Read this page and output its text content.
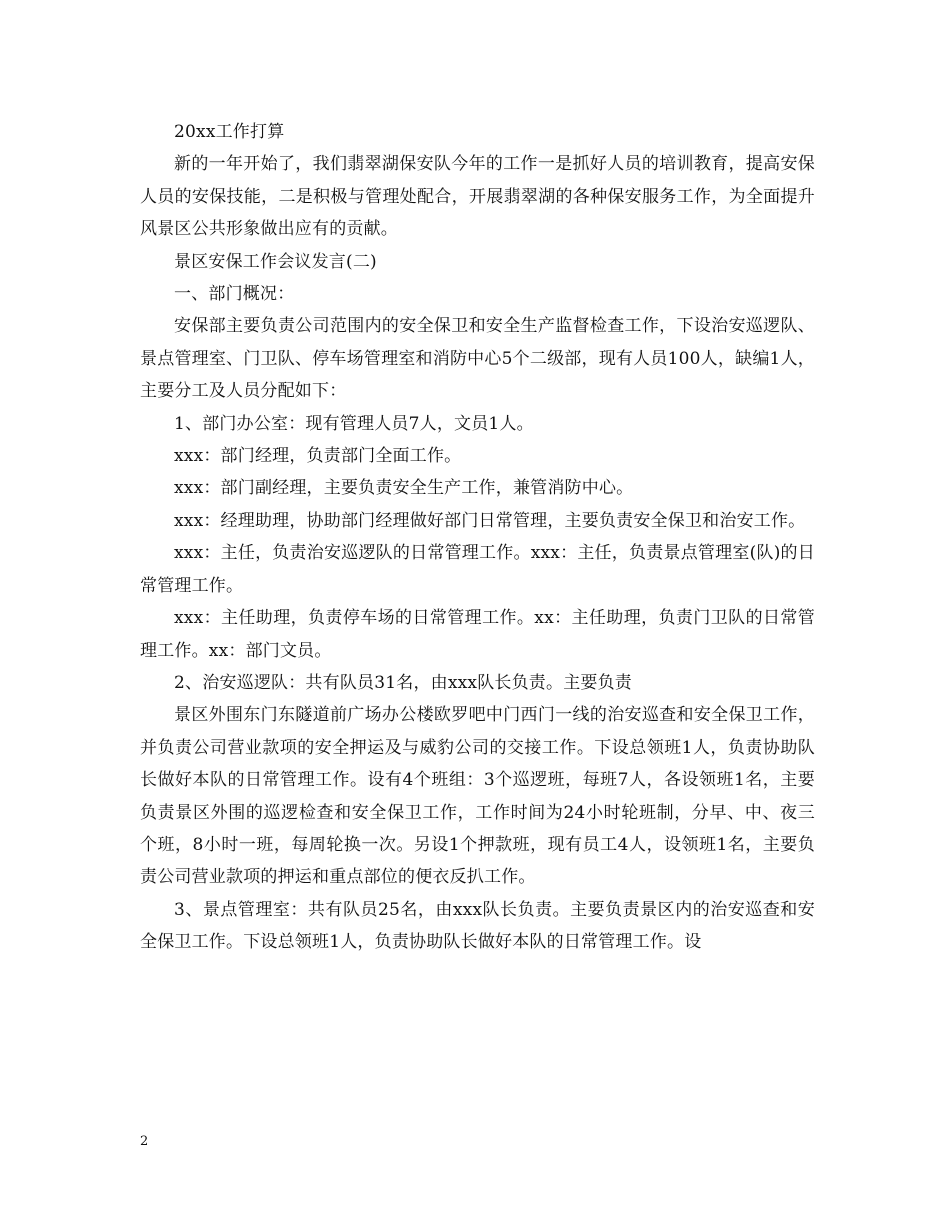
20xx工作打算

新的一年开始了，我们翡翠湖保安队今年的工作一是抓好人员的培训教育，提高安保人员的安保技能，二是积极与管理处配合，开展翡翠湖的各种保安服务工作，为全面提升风景区公共形象做出应有的贡献。

景区安保工作会议发言(二)

一、部门概况：

安保部主要负责公司范围内的安全保卫和安全生产监督检查工作，下设治安巡逻队、景点管理室、门卫队、停车场管理室和消防中心5个二级部，现有人员100人，缺编1人，主要分工及人员分配如下：

1、部门办公室：现有管理人员7人，文员1人。

xxx：部门经理，负责部门全面工作。

xxx：部门副经理，主要负责安全生产工作，兼管消防中心。

xxx：经理助理，协助部门经理做好部门日常管理，主要负责安全保卫和治安工作。

xxx：主任，负责治安巡逻队的日常管理工作。xxx：主任，负责景点管理室(队)的日常管理工作。

xxx：主任助理，负责停车场的日常管理工作。xx：主任助理，负责门卫队的日常管理工作。xx：部门文员。

2、治安巡逻队：共有队员31名，由xxx队长负责。主要负责

景区外围东门东隧道前广场办公楼欧罗吧中门西门一线的治安巡查和安全保卫工作，并负责公司营业款项的安全押运及与威豹公司的交接工作。下设总领班1人，负责协助队长做好本队的日常管理工作。设有4个班组：3个巡逻班，每班7人，各设领班1名，主要负责景区外围的巡逻检查和安全保卫工作，工作时间为24小时轮班制，分早、中、夜三个班，8小时一班，每周轮换一次。另设1个押款班，现有员工4人，设领班1名，主要负责公司营业款项的押运和重点部位的便衣反扒工作。

3、景点管理室：共有队员25名，由xxx队长负责。主要负责景区内的治安巡查和安全保卫工作。下设总领班1人，负责协助队长做好本队的日常管理工作。设

2
